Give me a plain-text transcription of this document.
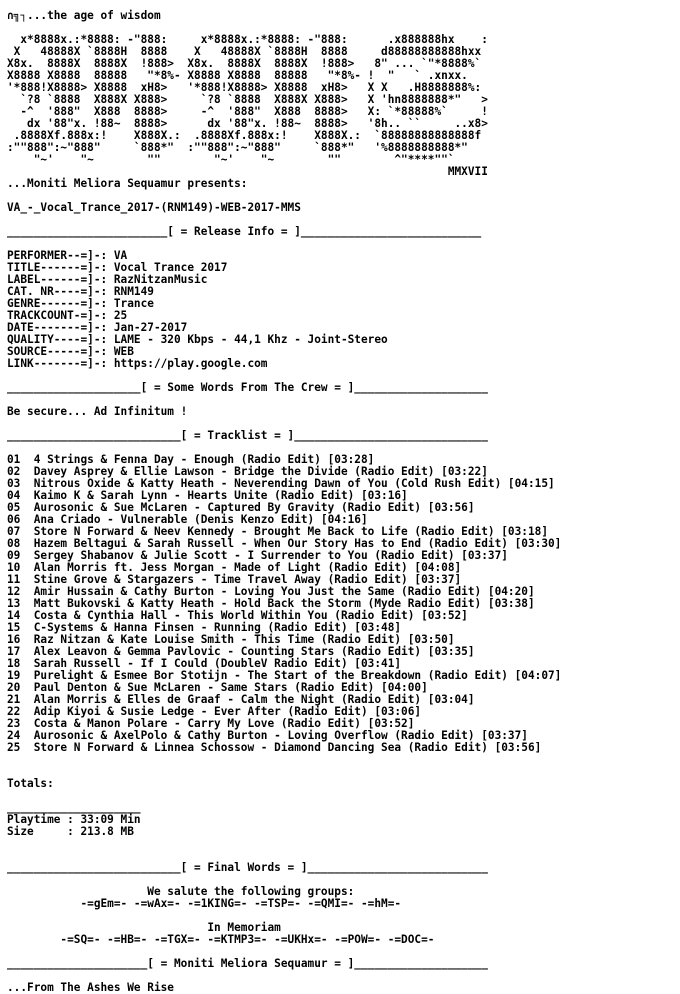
∩╗┐...the age of wisdom
x*8888x.:*8888: -"888:     x*8888x.:*8888: -"888:      .x888888hx    :
X   48888X `8888H  8888    X   48888X `8888H  8888     d88888888888hxx
X8x.  8888X  8888X  !888>  X8x.  8888X  8888X  !888>   8" ... `"*8888%`
X8888 X8888  88888   "*8%- X8888 X8888  88888   "*8%- !  "   ` .xnxx.
'*888!X8888> X8888  xH8>   '*888!X8888> X8888  xH8>   X X   .H8888888%:
`?8 `8888  X888X X888>     `?8 `8888  X888X X888>   X 'hn8888888*"   >
-^  '888"  X888  8888>     -^  '888"  X888  8888>   X: `*88888%`     !
dx '88"x. !88~  8888>      dx '88"x. !88~  8888>   '8h.. ``     ..x8>
.8888Xf.888x:!    X888X.:  .8888Xf.888x:!    X888X.:  `88888888888888f
:""888":~"888"     `888*"  :""888":~"888"     `888*"   '%8888888888*"
"~'    "~        ""        "~'    "~        ""        ^"****""`
MMXVII
...Moniti Meliora Sequamur presents:
VA_-_Vocal_Trance_2017-(RNM149)-WEB-2017-MMS
________________________[ = Release Info = ]___________________________
PERFORMER--=]-: VA
TITLE------=]-: Vocal Trance 2017
LABEL------=]-: RazNitzanMusic
CAT. NR----=]-: RNM149
GENRE------=]-: Trance
TRACKCOUNT-=]-: 25
DATE-------=]-: Jan-27-2017
QUALITY----=]-: LAME - 320 Kbps - 44,1 Khz - Joint-Stereo
SOURCE-----=]-: WEB
LINK-------=]-: https://play.google.com
____________________[ = Some Words From The Crew = ]____________________
Be secure... Ad Infinitum !
__________________________[ = Tracklist = ]_____________________________
01  4 Strings & Fenna Day - Enough (Radio Edit) [03:28]
02  Davey Asprey & Ellie Lawson - Bridge the Divide (Radio Edit) [03:22]
03  Nitrous Oxide & Katty Heath - Neverending Dawn of You (Cold Rush Edit) [04:15]
04  Kaimo K & Sarah Lynn - Hearts Unite (Radio Edit) [03:16]
05  Aurosonic & Sue McLaren - Captured By Gravity (Radio Edit) [03:56]
06  Ana Criado - Vulnerable (Denis Kenzo Edit) [04:16]
07  Store N Forward & Neev Kennedy - Brought Me Back to Life (Radio Edit) [03:18]
08  Hazem Beltagui & Sarah Russell - When Our Story Has to End (Radio Edit) [03:30]
09  Sergey Shabanov & Julie Scott - I Surrender to You (Radio Edit) [03:37]
10  Alan Morris ft. Jess Morgan - Made of Light (Radio Edit) [04:08]
11  Stine Grove & Stargazers - Time Travel Away (Radio Edit) [03:37]
12  Amir Hussain & Cathy Burton - Loving You Just the Same (Radio Edit) [04:20]
13  Matt Bukovski & Katty Heath - Hold Back the Storm (Myde Radio Edit) [03:38]
14  Costa & Cynthia Hall - This World Within You (Radio Edit) [03:52]
15  C-Systems & Hanna Finsen - Running (Radio Edit) [03:48]
16  Raz Nitzan & Kate Louise Smith - This Time (Radio Edit) [03:50]
17  Alex Leavon & Gemma Pavlovic - Counting Stars (Radio Edit) [03:35]
18  Sarah Russell - If I Could (DoubleV Radio Edit) [03:41]
19  Purelight & Esmee Bor Stotijn - The Start of the Breakdown (Radio Edit) [04:07]
20  Paul Denton & Sue McLaren - Same Stars (Radio Edit) [04:00]
21  Alan Morris & Elles de Graaf - Calm the Night (Radio Edit) [03:04]
22  Adip Kiyoi & Susie Ledge - Ever After (Radio Edit) [03:06]
23  Costa & Manon Polare - Carry My Love (Radio Edit) [03:52]
24  Aurosonic & AxelPolo & Cathy Burton - Loving Overflow (Radio Edit) [03:37]
25  Store N Forward & Linnea Schossow - Diamond Dancing Sea (Radio Edit) [03:56]
Totals:
____________________
Playtime : 33:09 Min
Size     : 213.8 MB
__________________________[ = Final Words = ]___________________________
We salute the following groups:
-=gEm=- -=wAx=- -=1KING=- -=TSP=- -=QMI=- -=hM=-
In Memoriam
-=SQ=- -=HB=- -=TGX=- -=KTMP3=- -=UKHx=- -=POW=- -=DOC=-
_____________________[ = Moniti Meliora Sequamur = ]____________________
...From The Ashes We Rise
